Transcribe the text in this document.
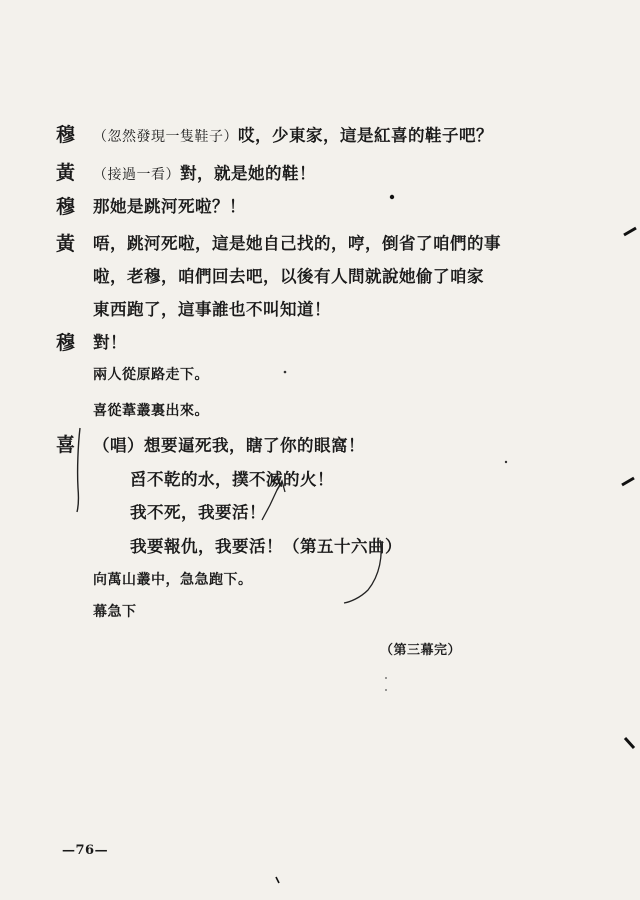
穆 （忽然發現一隻鞋子）哎，少東家，這是紅喜的鞋子吧？
黃 （接過一看）對，就是她的鞋！
穆 那她是跳河死啦？！
黃 唔，跳河死啦，這是她自己找的，哼，倒省了咱們的事
啦，老穆，咱們回去吧，以後有人問就說她偷了咱家
東西跑了，這事誰也不叫知道！
穆 對！
兩人從原路走下。
喜從葦叢裏出來。
喜 （唱）想要逼死我，瞎了你的眼窩！
舀不乾的水，撲不滅的火！
我不死，我要活！
我要報仇，我要活！（第五十六曲）
向萬山叢中，急急跑下。
幕急下
（第三幕完）
—76—
